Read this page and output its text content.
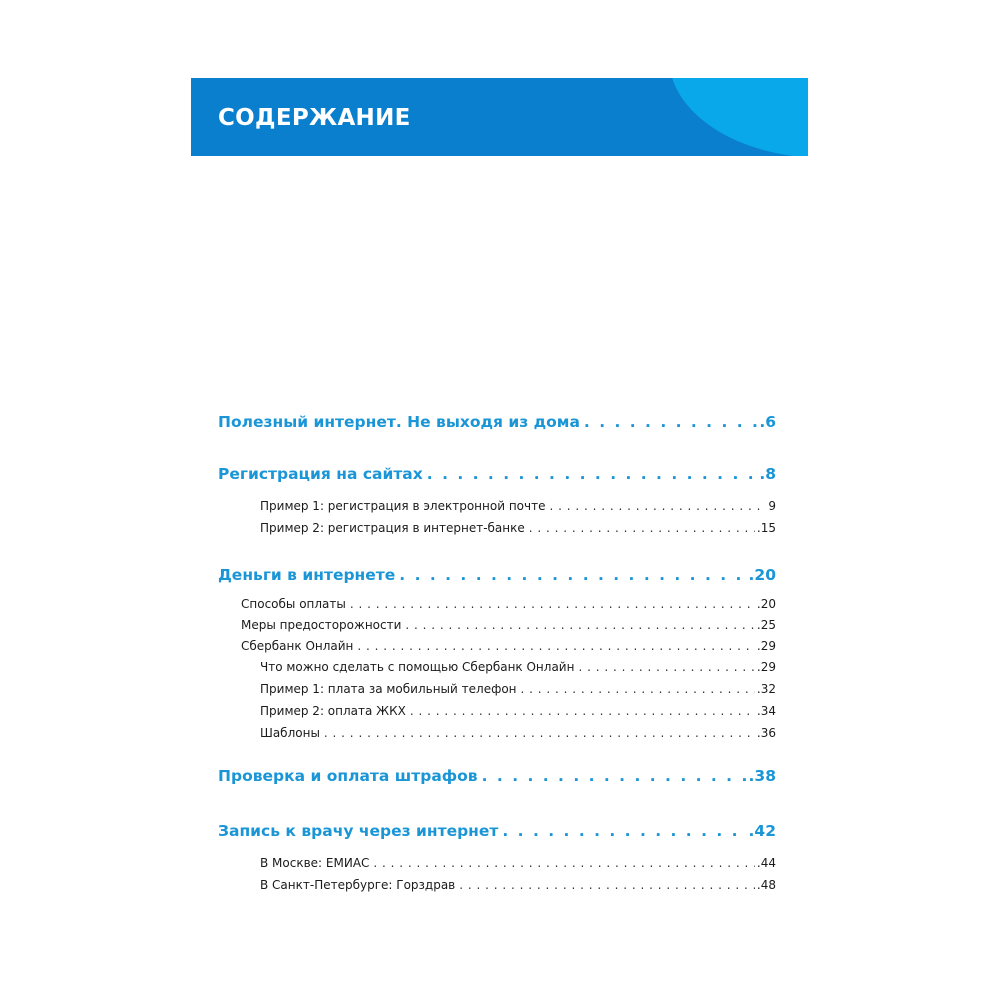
СОДЕРЖАНИЕ
Полезный интернет. Не выходя из дома . . .	.6
Регистрация на сайтах . . .	.8
Пример 1: регистрация в электронной почте . . .	9
Пример 2: регистрация в интернет-банке . . .	.15
Деньги в интернете . . .	.20
Способы оплаты . . .	.20
Меры предосторожности . . .	.25
Сбербанк Онлайн . . .	.29
Что можно сделать с помощью Сбербанк Онлайн . . .	.29
Пример 1: плата за мобильный телефон . . .	.32
Пример 2: оплата ЖКХ . . .	.34
Шаблоны . . .	.36
Проверка и оплата штрафов . . .	.38
Запись к врачу через интернет . . .	.42
В Москве: ЕМИАС . . .	.44
В Санкт-Петербурге: Горздрав . . .	.48
